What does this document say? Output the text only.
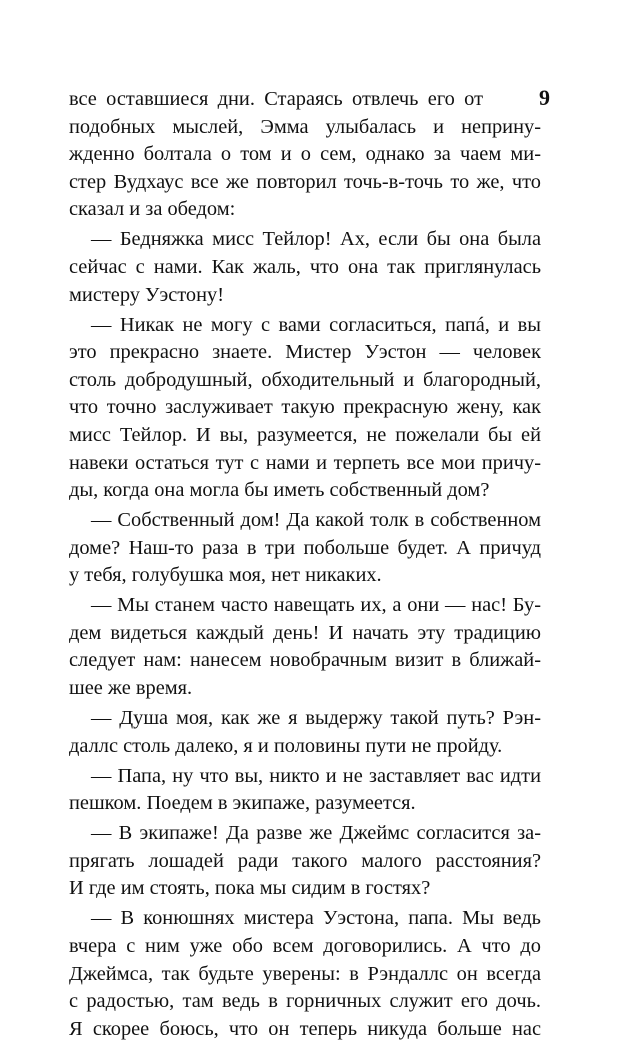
9
все оставшиеся дни. Стараясь отвлечь его от
подобных мыслей, Эмма улыбалась и неприну-
жденно болтала о том и о сем, однако за чаем ми-
стер Вудхаус все же повторил точь-в-точь то же, что
сказал и за обедом:
— Бедняжка мисс Тейлор! Ах, если бы она была
сейчас с нами. Как жаль, что она так приглянулась
мистеру Уэстону!
— Никак не могу с вами согласиться, папá, и вы
это прекрасно знаете. Мистер Уэстон — человек
столь добродушный, обходительный и благородный,
что точно заслуживает такую прекрасную жену, как
мисс Тейлор. И вы, разумеется, не пожелали бы ей
навеки остаться тут с нами и терпеть все мои причу-
ды, когда она могла бы иметь собственный дом?
— Собственный дом! Да какой толк в собственном
доме? Наш-то раза в три побольше будет. А причуд
у тебя, голубушка моя, нет никаких.
— Мы станем часто навещать их, а они — нас! Бу-
дем видеться каждый день! И начать эту традицию
следует нам: нанесем новобрачным визит в ближай-
шее же время.
— Душа моя, как же я выдержу такой путь? Рэн-
даллс столь далеко, я и половины пути не пройду.
— Папа, ну что вы, никто и не заставляет вас идти
пешком. Поедем в экипаже, разумеется.
— В экипаже! Да разве же Джеймс согласится за-
прягать лошадей ради такого малого расстояния?
И где им стоять, пока мы сидим в гостях?
— В конюшнях мистера Уэстона, папа. Мы ведь
вчера с ним уже обо всем договорились. А что до
Джеймса, так будьте уверены: в Рэндаллс он всегда
с радостью, там ведь в горничных служит его дочь.
Я скорее боюсь, что он теперь никуда больше нас
